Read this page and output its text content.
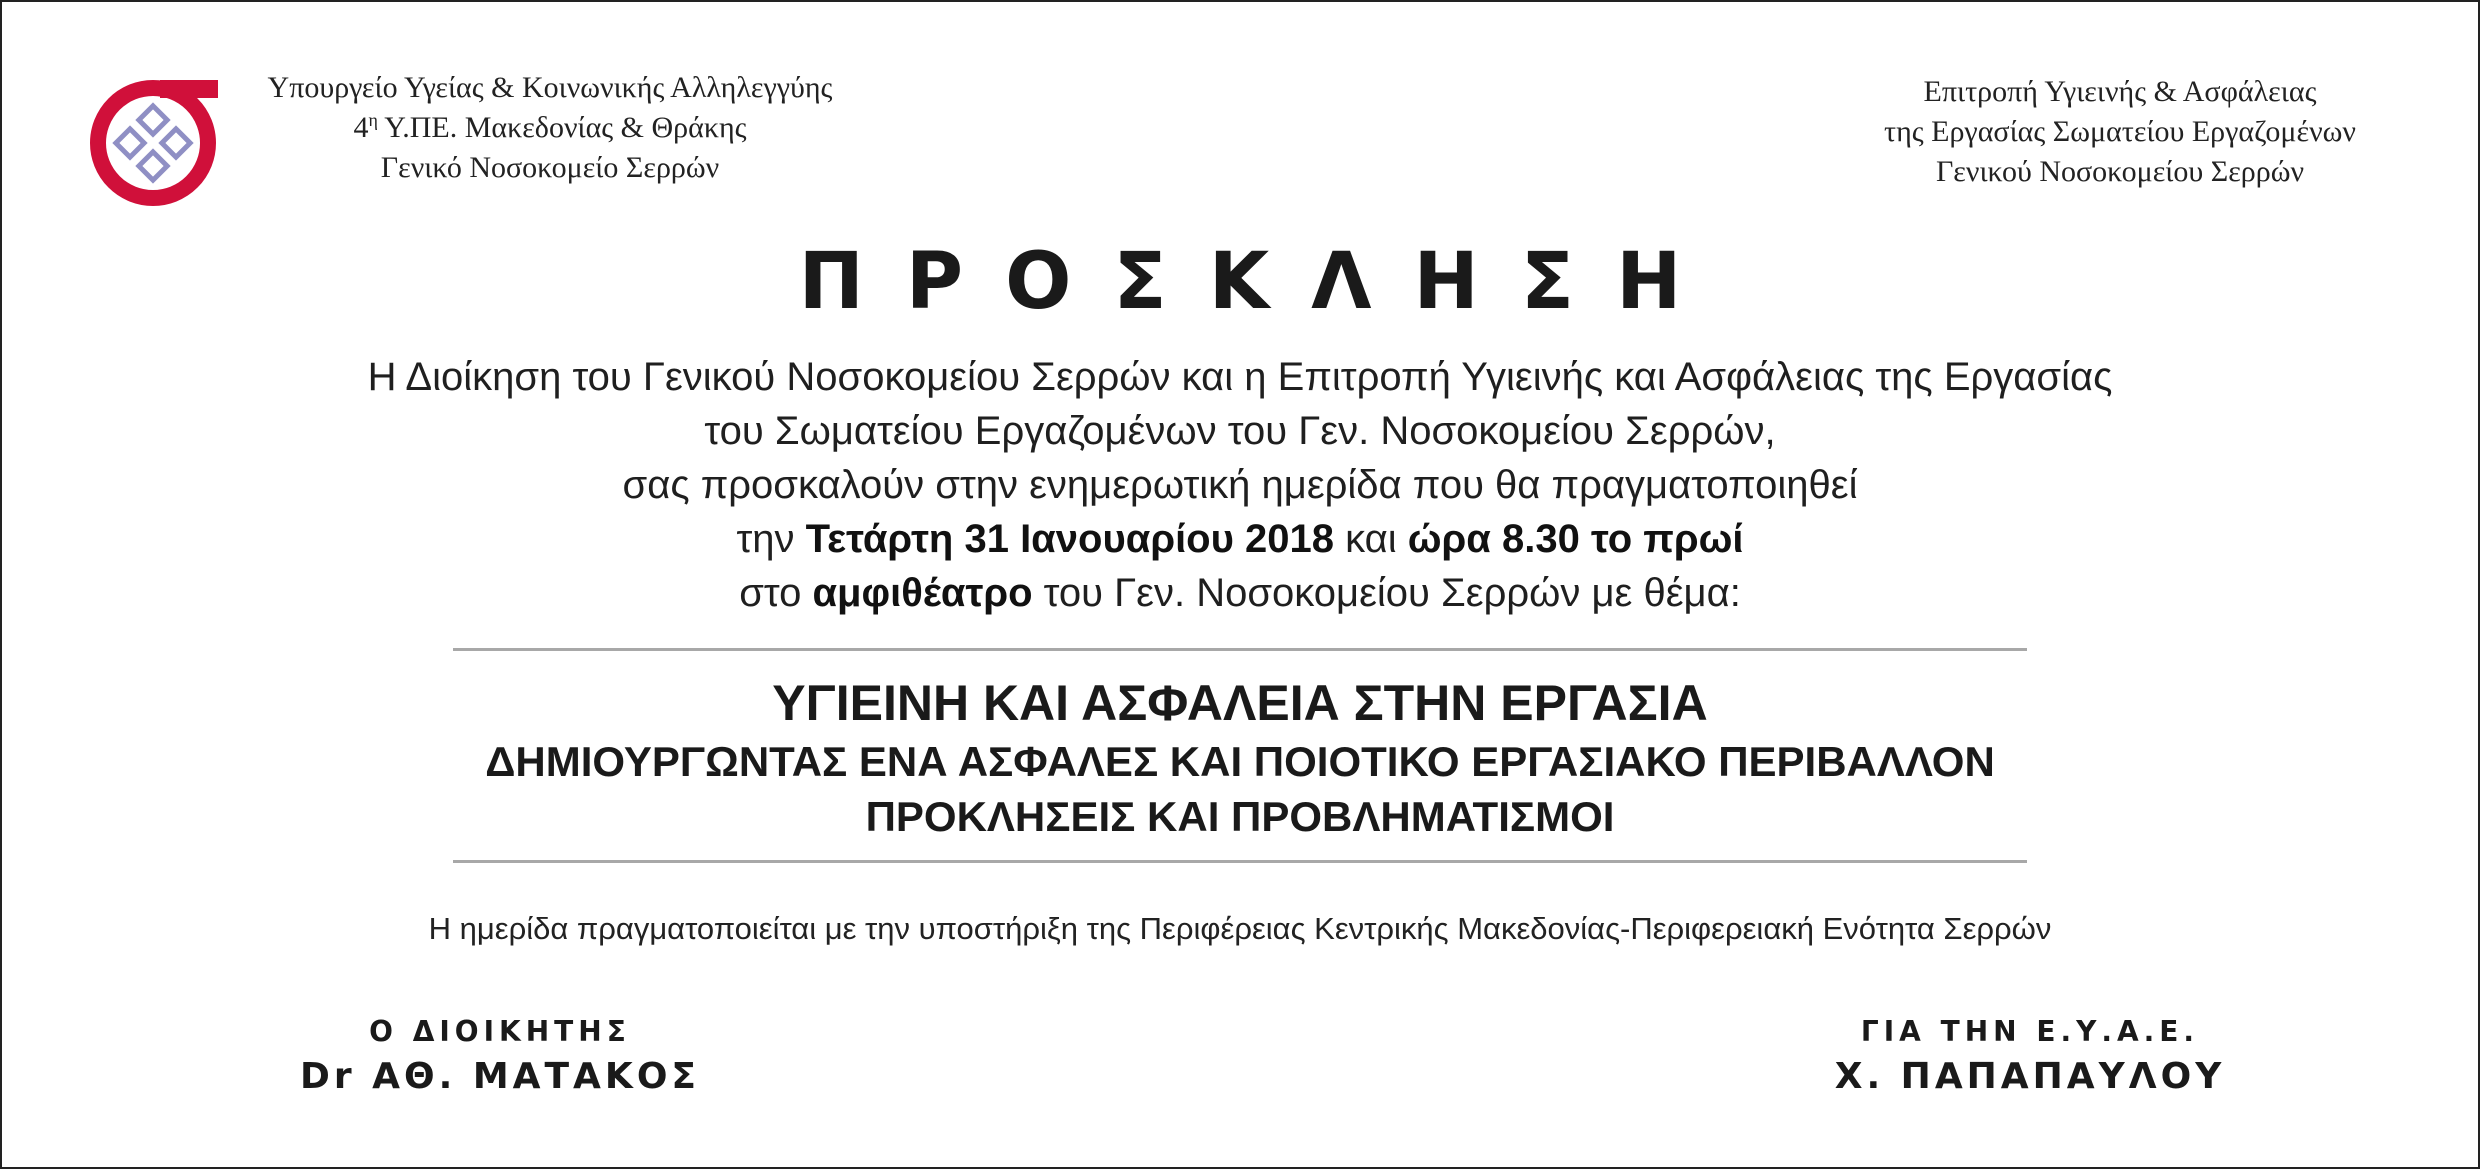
Υπουργείο Υγείας & Κοινωνικής Αλληλεγγύης
$4^\eta$ Υ.ΠΕ. Μακεδονίας & Θράκης
Γενικό Νοσοκομείο Σερρών
Επιτροπή Υγιεινής & Ασφάλειας
της Εργασίας Σωματείου Εργαζομένων
Γενικού Νοσοκομείου Σερρών
ΠΡΟΣΚΛΗΣΗ
Η Διοίκηση του Γενικού Νοσοκομείου Σερρών και η Επιτροπή Υγιεινής και Ασφάλειας της Εργασίας
του Σωματείου Εργαζομένων του Γεν. Νοσοκομείου Σερρών,
σας προσκαλούν στην ενημερωτική ημερίδα που θα πραγματοποιηθεί
την Τετάρτη 31 Ιανουαρίου 2018 και ώρα 8.30 το πρωί
στο αμφιθέατρο του Γεν. Νοσοκομείου Σερρών με θέμα:
ΥΓΙΕΙΝΗ ΚΑΙ ΑΣΦΑΛΕΙΑ ΣΤΗΝ ΕΡΓΑΣΙΑ
ΔΗΜΙΟΥΡΓΩΝΤΑΣ ΕΝΑ ΑΣΦΑΛΕΣ ΚΑΙ ΠΟΙΟΤΙΚΟ ΕΡΓΑΣΙΑΚΟ ΠΕΡΙΒΑΛΛΟΝ
ΠΡΟΚΛΗΣΕΙΣ ΚΑΙ ΠΡΟΒΛΗΜΑΤΙΣΜΟΙ
Η ημερίδα πραγματοποιείται με την υποστήριξη της Περιφέρειας Κεντρικής Μακεδονίας-Περιφερειακή Ενότητα Σερρών
Ο ΔΙΟΙΚΗΤΗΣ
Dr ΑΘ. ΜΑΤΑΚΟΣ
ΓΙΑ ΤΗΝ Ε.Υ.Α.Ε.
Χ. ΠΑΠΑΠΑΥΛΟΥ
